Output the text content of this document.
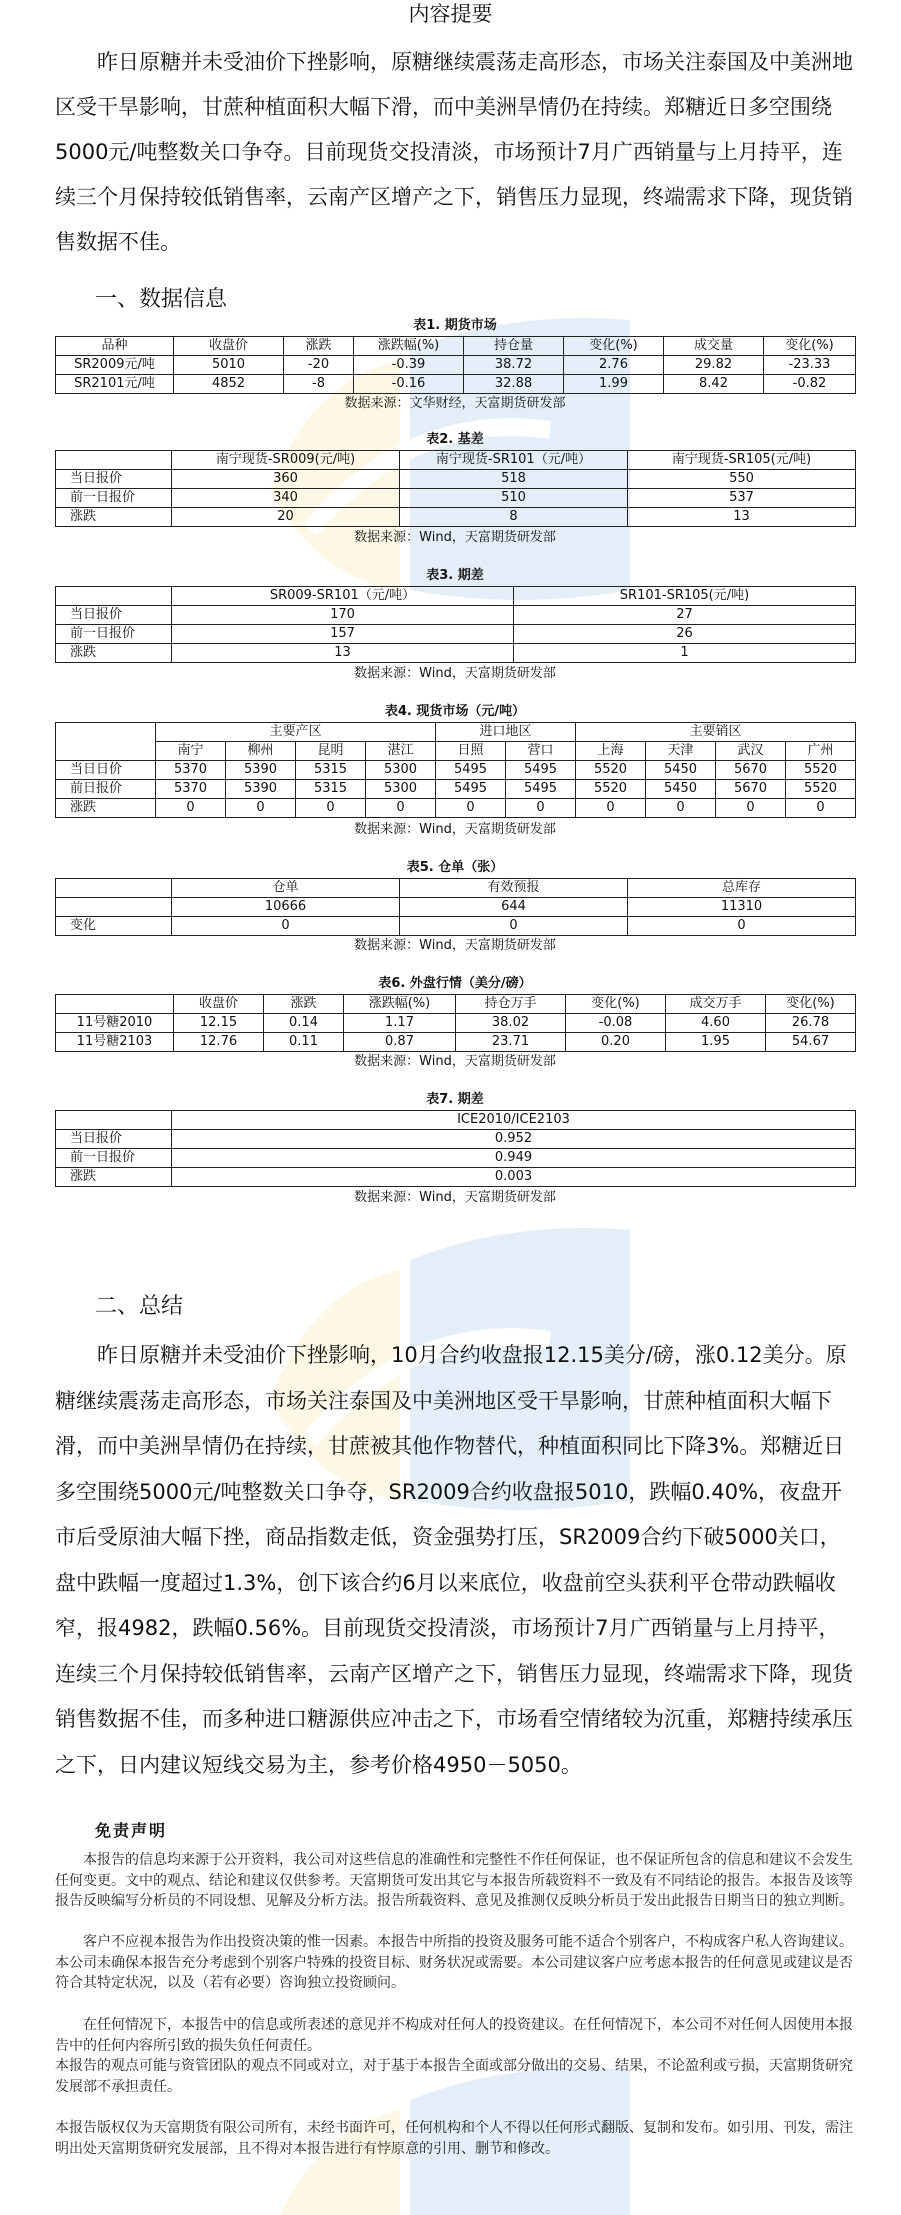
内容提要

昨日原糖并未受油价下挫影响，原糖继续震荡走高形态，市场关注泰国及中美洲地区受干旱影响，甘蔗种植面积大幅下滑，而中美洲旱情仍在持续。郑糖近日多空围绕5000元/吨整数关口争夺。目前现货交投清淡，市场预计7月广西销量与上月持平，连续三个月保持较低销售率，云南产区增产之下，销售压力显现，终端需求下降，现货销售数据不佳。

一、数据信息
表1. 期货市场
品种	收盘价	涨跌	涨跌幅(%)	持仓量	变化(%)	成交量	变化(%)
SR2009元/吨	5010	-20	-0.39	38.72	2.76	29.82	-23.33
SR2101元/吨	4852	-8	-0.16	32.88	1.99	8.42	-0.82
数据来源：文华财经，天富期货研发部
表2. 基差
	南宁现货-SR009(元/吨)	南宁现货-SR101（元/吨）	南宁现货-SR105(元/吨)
当日报价	360	518	550
前一日报价	340	510	537
涨跌	20	8	13
数据来源：Wind，天富期货研发部
表3. 期差
	SR009-SR101（元/吨）	SR101-SR105(元/吨)
当日报价	170	27
前一日报价	157	26
涨跌	13	1
数据来源：Wind，天富期货研发部
表4. 现货市场（元/吨）
	主要产区				进口地区		主要销区			
	南宁	柳州	昆明	湛江	日照	营口	上海	天津	武汉	广州
当日日价	5370	5390	5315	5300	5495	5495	5520	5450	5670	5520
前日报价	5370	5390	5315	5300	5495	5495	5520	5450	5670	5520
涨跌	0	0	0	0	0	0	0	0	0	0
数据来源：Wind，天富期货研发部
表5. 仓单（张）
	仓单	有效预报	总库存
	10666	644	11310
变化	0	0	0
数据来源：Wind，天富期货研发部
表6. 外盘行情（美分/磅）
	收盘价	涨跌	涨跌幅(%)	持仓万手	变化(%)	成交万手	变化(%)
11号糖2010	12.15	0.14	1.17	38.02	-0.08	4.60	26.78
11号糖2103	12.76	0.11	0.87	23.71	0.20	1.95	54.67
数据来源：Wind，天富期货研发部
表7. 期差
	ICE2010/ICE2103
当日报价	0.952
前一日报价	0.949
涨跌	0.003
数据来源：Wind，天富期货研发部
二、总结

昨日原糖并未受油价下挫影响，10月合约收盘报12.15美分/磅，涨0.12美分。原糖继续震荡走高形态，市场关注泰国及中美洲地区受干旱影响，甘蔗种植面积大幅下滑，而中美洲旱情仍在持续，甘蔗被其他作物替代，种植面积同比下降3%。郑糖近日多空围绕5000元/吨整数关口争夺，SR2009合约收盘报5010，跌幅0.40%，夜盘开市后受原油大幅下挫，商品指数走低，资金强势打压，SR2009合约下破5000关口，盘中跌幅一度超过1.3%，创下该合约6月以来底位，收盘前空头获利平仓带动跌幅收窄，报4982，跌幅0.56%。目前现货交投清淡，市场预计7月广西销量与上月持平，连续三个月保持较低销售率，云南产区增产之下，销售压力显现，终端需求下降，现货销售数据不佳，而多种进口糖源供应冲击之下，市场看空情绪较为沉重，郑糖持续承压之下，日内建议短线交易为主，参考价格4950－5050。

免责声明

本报告的信息均来源于公开资料，我公司对这些信息的准确性和完整性不作任何保证，也不保证所包含的信息和建议不会发生任何变更。文中的观点、结论和建议仅供参考。天富期货可发出其它与本报告所载资料不一致及有不同结论的报告。本报告及该等报告反映编写分析员的不同设想、见解及分析方法。报告所载资料、意见及推测仅反映分析员于发出此报告日期当日的独立判断。

客户不应视本报告为作出投资决策的惟一因素。本报告中所指的投资及服务可能不适合个别客户，不构成客户私人咨询建议。本公司未确保本报告充分考虑到个别客户特殊的投资目标、财务状况或需要。本公司建议客户应考虑本报告的任何意见或建议是否符合其特定状况，以及（若有必要）咨询独立投资顾问。

在任何情况下，本报告中的信息或所表述的意见并不构成对任何人的投资建议。在任何情况下，本公司不对任何人因使用本报告中的任何内容所引致的损失负任何责任。

本报告的观点可能与资管团队的观点不同或对立，对于基于本报告全面或部分做出的交易、结果，不论盈利或亏损，天富期货研究发展部不承担责任。

本报告版权仅为天富期货有限公司所有，未经书面许可，任何机构和个人不得以任何形式翻版、复制和发布。如引用、刊发，需注明出处天富期货研究发展部，且不得对本报告进行有悖原意的引用、删节和修改。
